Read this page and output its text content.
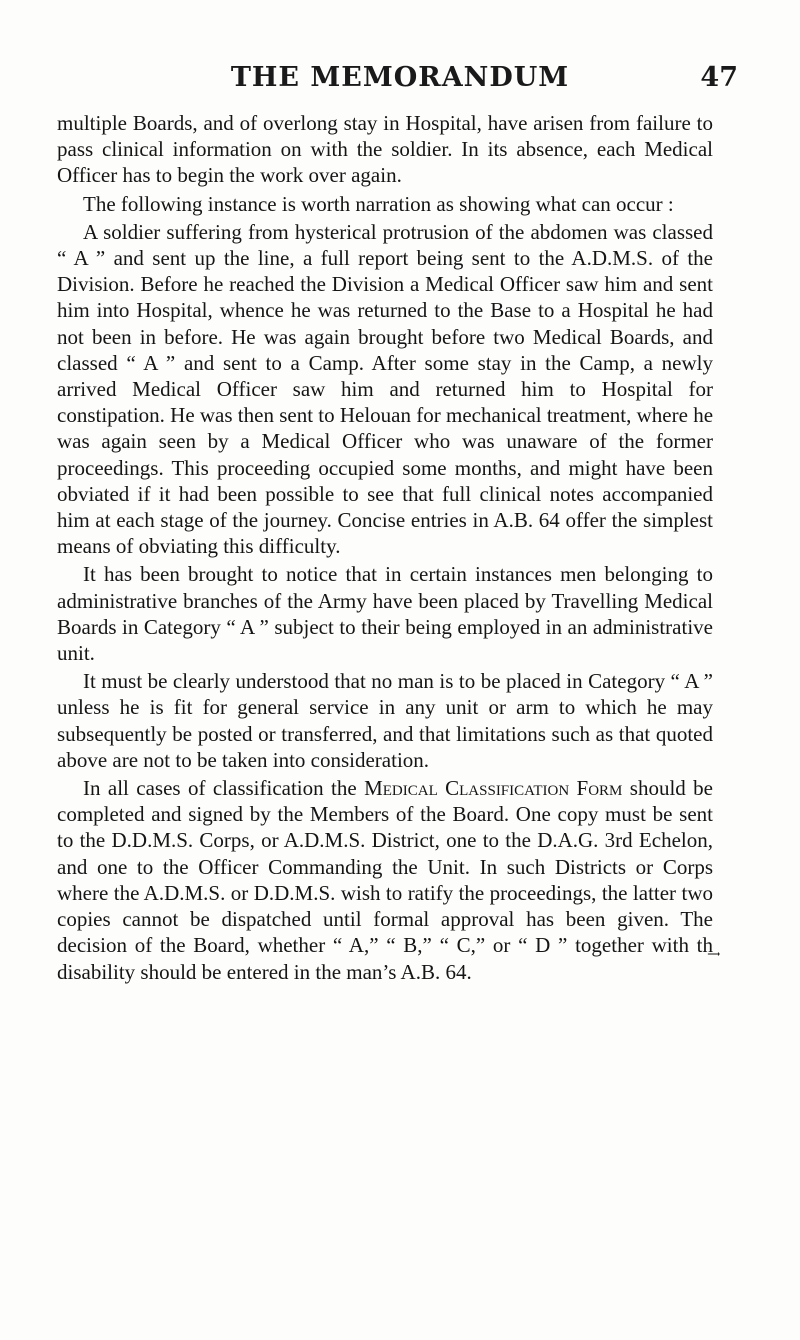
THE MEMORANDUM	47

multiple Boards, and of overlong stay in Hospital, have arisen from failure to pass clinical information on with the soldier. In its absence, each Medical Officer has to begin the work over again.

The following instance is worth narration as showing what can occur :

A soldier suffering from hysterical protrusion of the abdomen was classed “ A ” and sent up the line, a full report being sent to the A.D.M.S. of the Division. Before he reached the Division a Medical Officer saw him and sent him into Hospital, whence he was returned to the Base to a Hospital he had not been in before. He was again brought before two Medical Boards, and classed “ A ” and sent to a Camp. After some stay in the Camp, a newly arrived Medical Officer saw him and returned him to Hospital for constipation. He was then sent to Helouan for mechanical treatment, where he was again seen by a Medical Officer who was unaware of the former proceedings. This proceeding occupied some months, and might have been obviated if it had been possible to see that full clinical notes accompanied him at each stage of the journey. Concise entries in A.B. 64 offer the simplest means of obviating this difficulty.

It has been brought to notice that in certain instances men belonging to administrative branches of the Army have been placed by Travelling Medical Boards in Category “ A ” subject to their being employed in an administrative unit.

It must be clearly understood that no man is to be placed in Category “ A ” unless he is fit for general service in any unit or arm to which he may subsequently be posted or transferred, and that limitations such as that quoted above are not to be taken into consideration.

In all cases of classification the Medical Classification Form should be completed and signed by the Members of the Board. One copy must be sent to the D.D.M.S. Corps, or A.D.M.S. District, one to the D.A.G. 3rd Echelon, and one to the Officer Commanding the Unit. In such Districts or Corps where the A.D.M.S. or D.D.M.S. wish to ratify the proceedings, the latter two copies cannot be dispatched until formal approval has been given. The decision of the Board, whether “ A,” “ B,” “ C,” or “ D ” together with th͢ disability should be entered in the man’s A.B. 64.
